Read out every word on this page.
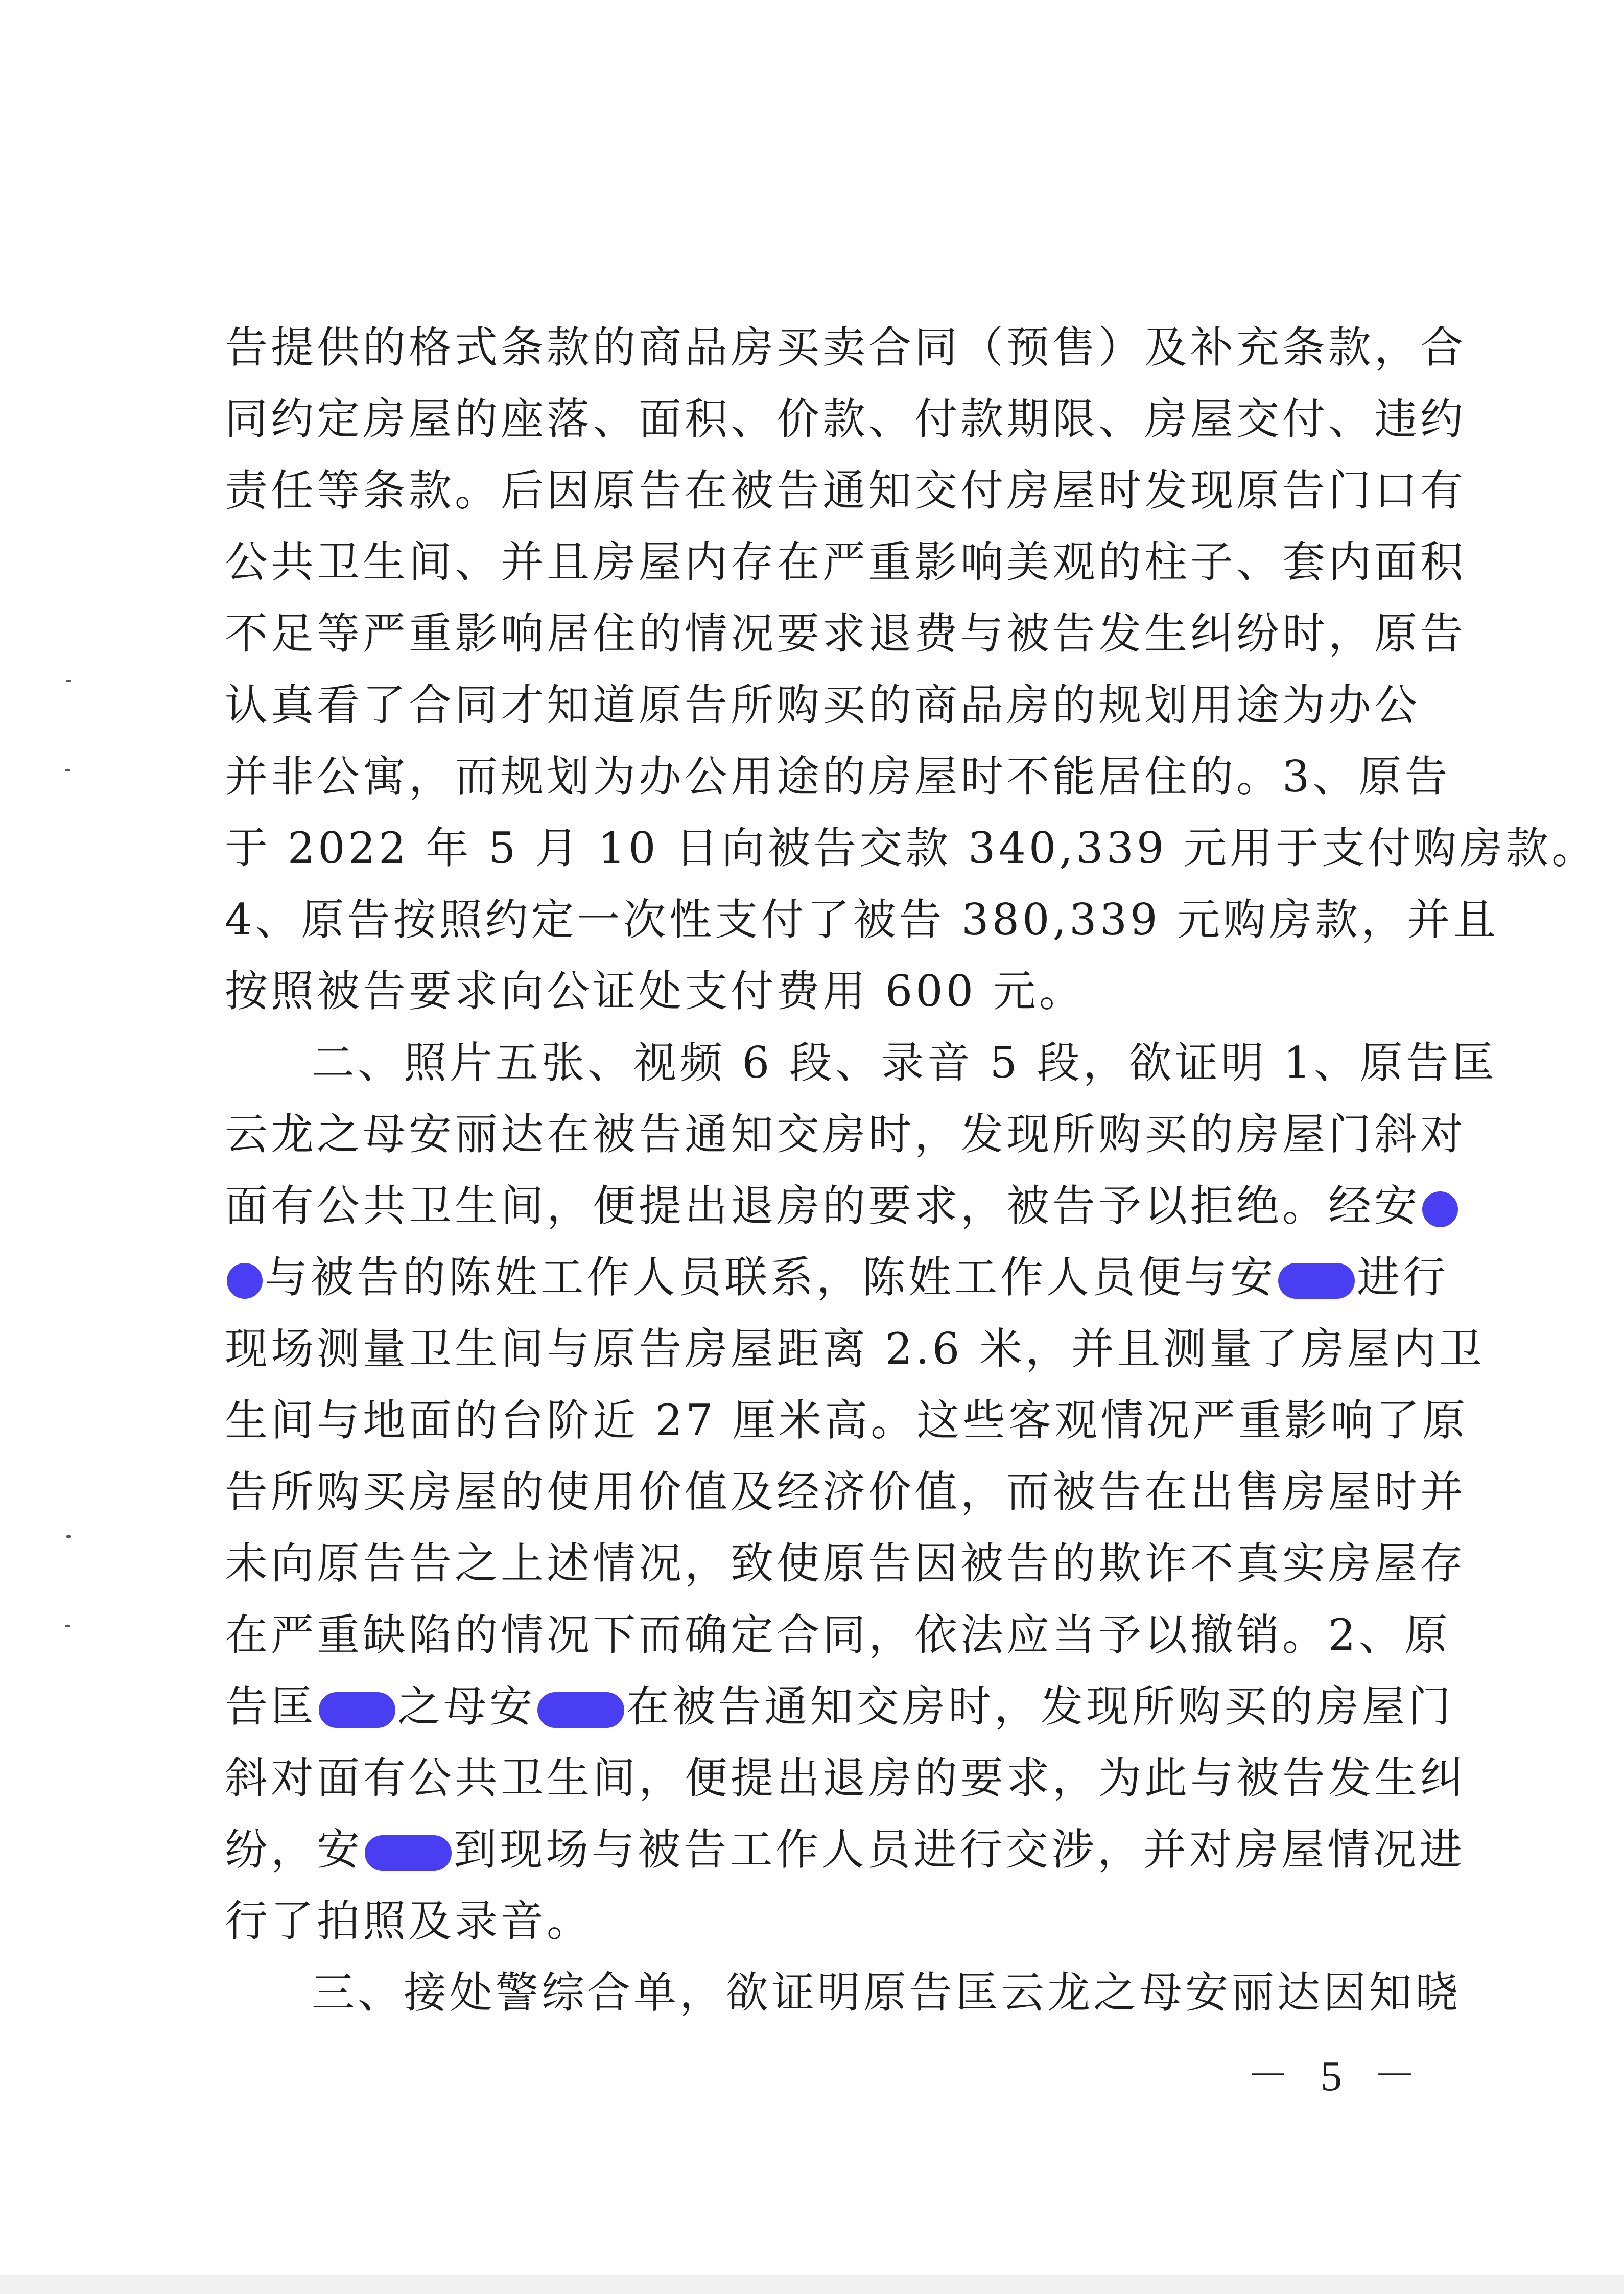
告提供的格式条款的商品房买卖合同（预售）及补充条款，合
同约定房屋的座落、面积、价款、付款期限、房屋交付、违约
责任等条款。后因原告在被告通知交付房屋时发现原告门口有
公共卫生间、并且房屋内存在严重影响美观的柱子、套内面积
不足等严重影响居住的情况要求退费与被告发生纠纷时，原告
认真看了合同才知道原告所购买的商品房的规划用途为办公
并非公寓，而规划为办公用途的房屋时不能居住的。3、原告
于 2022 年 5 月 10 日向被告交款 340,339 元用于支付购房款。
4、原告按照约定一次性支付了被告 380,339 元购房款，并且
按照被告要求向公证处支付费用 600 元。
二、照片五张、视频 6 段、录音 5 段，欲证明 1、原告匡
云龙之母安丽达在被告通知交房时，发现所购买的房屋门斜对
面有公共卫生间，便提出退房的要求，被告予以拒绝。经安
与被告的陈姓工作人员联系，陈姓工作人员便与安 进行
现场测量卫生间与原告房屋距离 2.6 米，并且测量了房屋内卫
生间与地面的台阶近 27 厘米高。这些客观情况严重影响了原
告所购买房屋的使用价值及经济价值，而被告在出售房屋时并
未向原告告之上述情况，致使原告因被告的欺诈不真实房屋存
在严重缺陷的情况下而确定合同，依法应当予以撤销。2、原
告匡 之母安 在被告通知交房时，发现所购买的房屋门
斜对面有公共卫生间，便提出退房的要求，为此与被告发生纠
纷，安 到现场与被告工作人员进行交涉，并对房屋情况进
行了拍照及录音。
三、接处警综合单，欲证明原告匡云龙之母安丽达因知晓
－ 5 －
